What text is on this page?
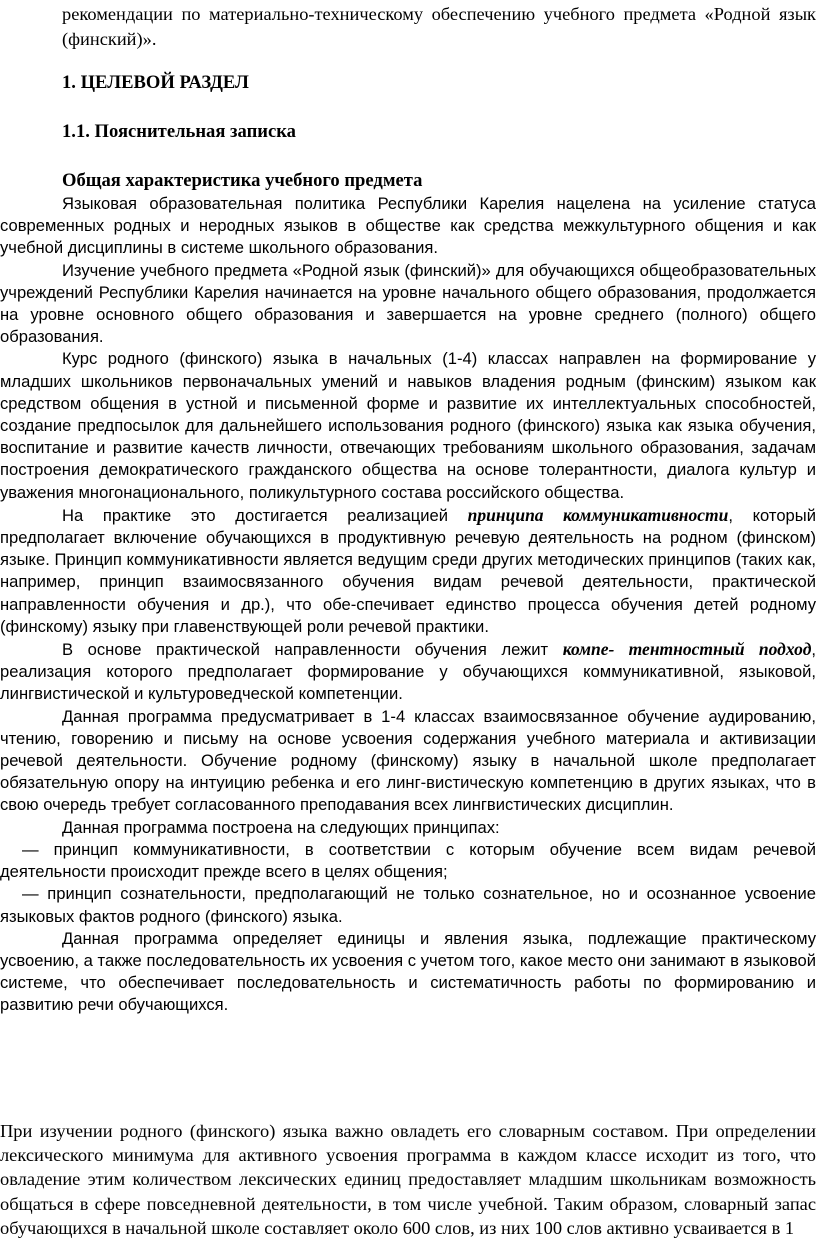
рекомендации по материально-техническому обеспечению учебного предмета «Родной язык (финский)».
1. ЦЕЛЕВОЙ РАЗДЕЛ
1.1. Пояснительная записка
Общая характеристика учебного предмета

Языковая образовательная политика Республики Карелия нацелена на усиление статуса современных родных и неродных языков в обществе как средства межкультурного общения и как учебной дисциплины в системе школьного образования.

Изучение учебного предмета «Родной язык (финский)» для обучающихся общеобразовательных учреждений Республики Карелия начинается на уровне начального общего образования, продолжается на уровне основного общего образования и завершается на уровне среднего (полного) общего образования.

Курс родного (финского) языка в начальных (1-4) классах направлен на формирование у младших школьников первоначальных умений и навыков владения родным (финским) языком как средством общения в устной и письменной форме и развитие их интеллектуальных способностей, создание предпосылок для дальнейшего использования родного (финского) языка как языка обучения, воспитание и развитие качеств личности, отвечающих требованиям школьного образования, задачам построения демократического гражданского общества на основе толерантности, диалога культур и уважения многонационального, поликультурного состава российского общества.

На практике это достигается реализацией принципа коммуникативности, который предполагает включение обучающихся в продуктивную речевую деятельность на родном (финском) языке. Принцип коммуникативности является ведущим среди других методических принципов (таких как, например, принцип взаимосвязанного обучения видам речевой деятельности, практической направленности обучения и др.), что обе-спечивает единство процесса обучения детей родному (финскому) языку при главенствующей роли речевой практики.

В основе практической направленности обучения лежит компе- тентностный подход, реализация которого предполагает формирование у обучающихся коммуникативной, языковой, лингвистической и культуроведческой компетенции.

Данная программа предусматривает в 1-4 классах взаимосвязанное обучение аудированию, чтению, говорению и письму на основе усвоения содержания учебного материала и активизации речевой деятельности. Обучение родному (финскому) языку в начальной школе предполагает обязательную опору на интуицию ребенка и его линг-вистическую компетенцию в других языках, что в свою очередь требует согласованного преподавания всех лингвистических дисциплин.

Данная программа построена на следующих принципах:

— принцип коммуникативности, в соответствии с которым обучение всем видам речевой деятельности происходит прежде всего в целях общения;

— принцип сознательности, предполагающий не только сознательное, но и осознанное усвоение языковых фактов родного (финского) языка.

Данная программа определяет единицы и явления языка, подлежащие практическому усвоению, а также последовательность их усвоения с учетом того, какое место они занимают в языковой системе, что обеспечивает последовательность и систематичность работы по формированию и развитию речи обучающихся.

При изучении родного (финского) языка важно овладеть его словарным составом. При определении лексического минимума для активного усвоения программа в каждом классе исходит из того, что овладение этим количеством лексических единиц предоставляет младшим школьникам возможность общаться в сфере повседневной деятельности, в том числе учебной. Таким образом, словарный запас обучающихся в начальной школе составляет около 600 слов, из них 100 слов активно усваивается в 1
